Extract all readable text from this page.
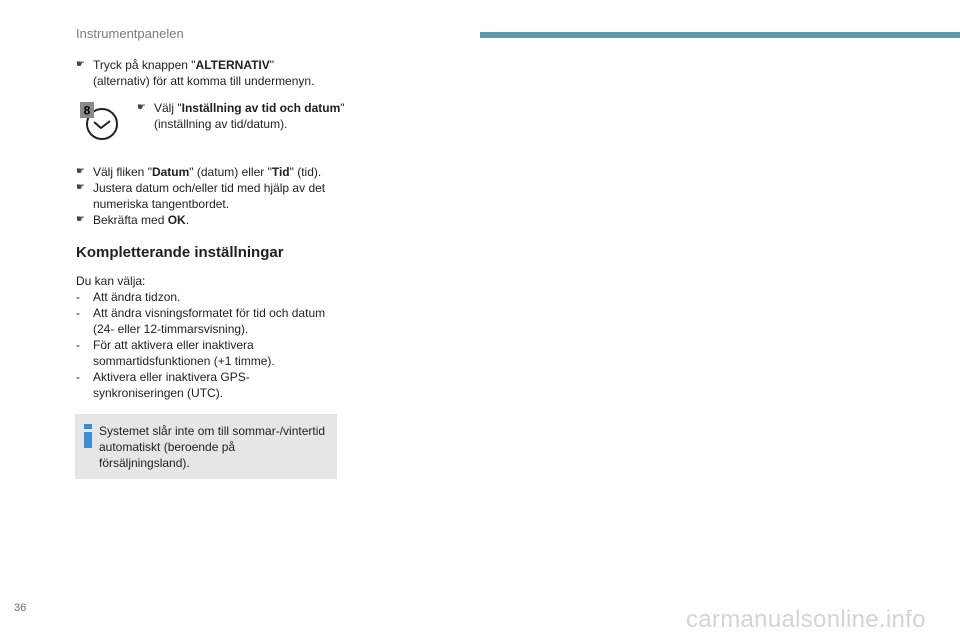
Instrumentpanelen
☛ Tryck på knappen "ALTERNATIV"
(alternativ) för att komma till undermenyn.
8	☛ Välj "Inställning av tid och datum" (inställning av tid/datum).
☛ Välj fliken "Datum" (datum) eller "Tid" (tid).
☛ Justera datum och/eller tid med hjälp av det numeriska tangentbordet.
☛ Bekräfta med OK.
Kompletterande inställningar
Du kan välja:
- Att ändra tidzon.
- Att ändra visningsformatet för tid och datum (24- eller 12-timmarsvisning).
- För att aktivera eller inaktivera sommartidsfunktionen (+1 timme).
- Aktivera eller inaktivera GPS-synkroniseringen (UTC).
Systemet slår inte om till sommar-/vintertid automatiskt (beroende på försäljningsland).
36	carmanualsonline.info
